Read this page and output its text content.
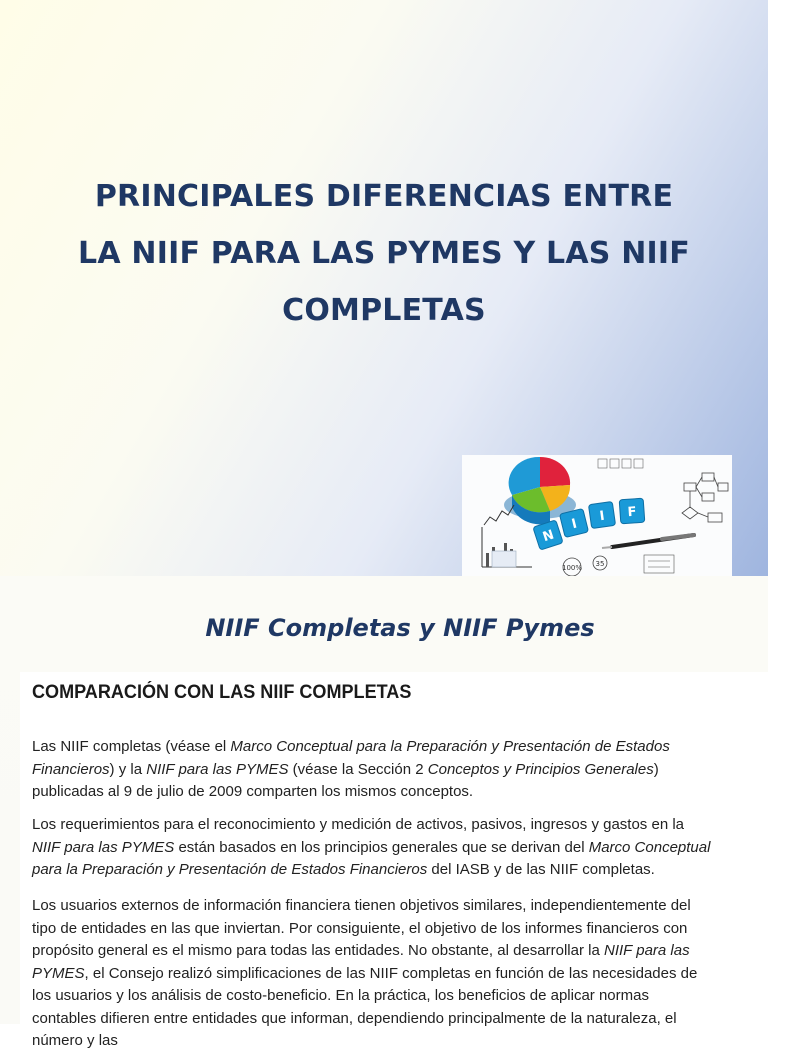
PRINCIPALES DIFERENCIAS ENTRE
LA NIIF PARA LAS PYMES Y LAS NIIF
COMPLETAS
N
I
I F
100% 35
NIIF Completas y NIIF Pymes
COMPARACIÓN CON LAS NIIF COMPLETAS

Las NIIF completas (véase el Marco Conceptual para la Preparación y Presentación de Estados Financieros) y la NIIF para las PYMES (véase la Sección 2 Conceptos y Principios Generales) publicadas al 9 de julio de 2009 comparten los mismos conceptos.

Los requerimientos para el reconocimiento y medición de activos, pasivos, ingresos y gastos en la NIIF para las PYMES están basados en los principios generales que se derivan del Marco Conceptual para la Preparación y Presentación de Estados Financieros del IASB y de las NIIF completas.

Los usuarios externos de información financiera tienen objetivos similares, independientemente del tipo de entidades en las que inviertan. Por consiguiente, el objetivo de los informes financieros con propósito general es el mismo para todas las entidades. No obstante, al desarrollar la NIIF para las PYMES, el Consejo realizó simplificaciones de las NIIF completas en función de las necesidades de los usuarios y los análisis de costo-beneficio. En la práctica, los beneficios de aplicar normas contables difieren entre entidades que informan, dependiendo principalmente de la naturaleza, el número y las
